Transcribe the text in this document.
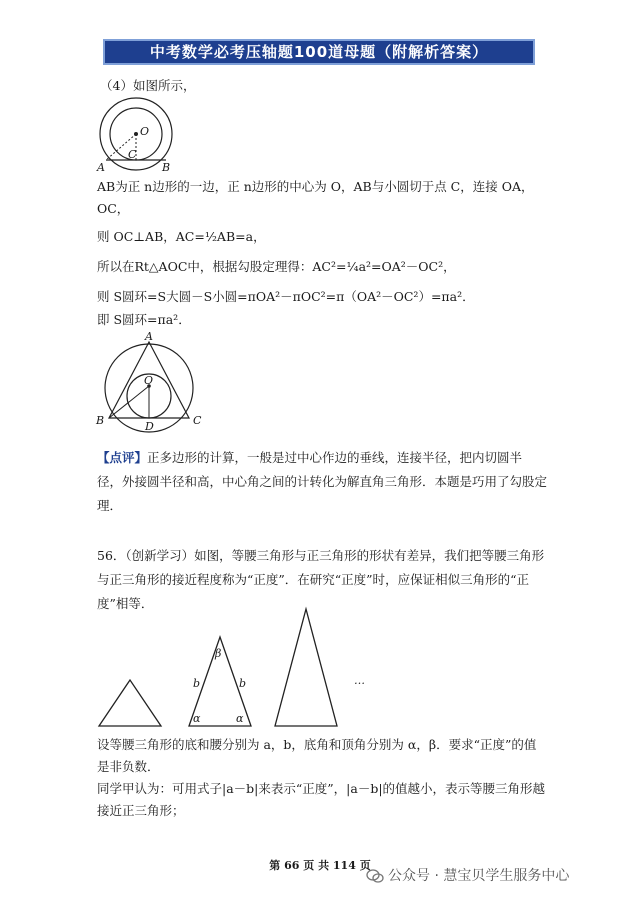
中考数学必考压轴题100道母题（附解析答案）
（4）如图所示，
O
C
A	B
AB为正 n边形的一边，正 n边形的中心为 O，AB与小圆切于点 C，连接 OA，
OC，
则 OC⊥AB，AC=½AB=a，
所以在Rt△AOC中，根据勾股定理得：AC²=¼a²=OA²－OC²，
则 S圆环=S大圆－S小圆=πOA²－πOC²=π（OA²－OC²）=πa²．
即 S圆环=πa²．
A
O
B	D	C
【点评】正多边形的计算，一般是过中心作边的垂线，连接半径，把内切圆半径，外接圆半径和高，中心角之间的计转化为解直角三角形．本题是巧用了勾股定理．
56．（创新学习）如图，等腰三角形与正三角形的形状有差异，我们把等腰三角形与正三角形的接近程度称为“正度”．在研究“正度”时，应保证相似三角形的“正度”相等．
β
b	b
α	α
…
设等腰三角形的底和腰分别为 a，b，底角和顶角分别为 α，β．要求“正度”的值是非负数．
同学甲认为：可用式子|a－b|来表示“正度”，|a－b|的值越小，表示等腰三角形越接近正三角形；
第 66 页 共 114 页
公众号 · 慧宝贝学生服务中心
